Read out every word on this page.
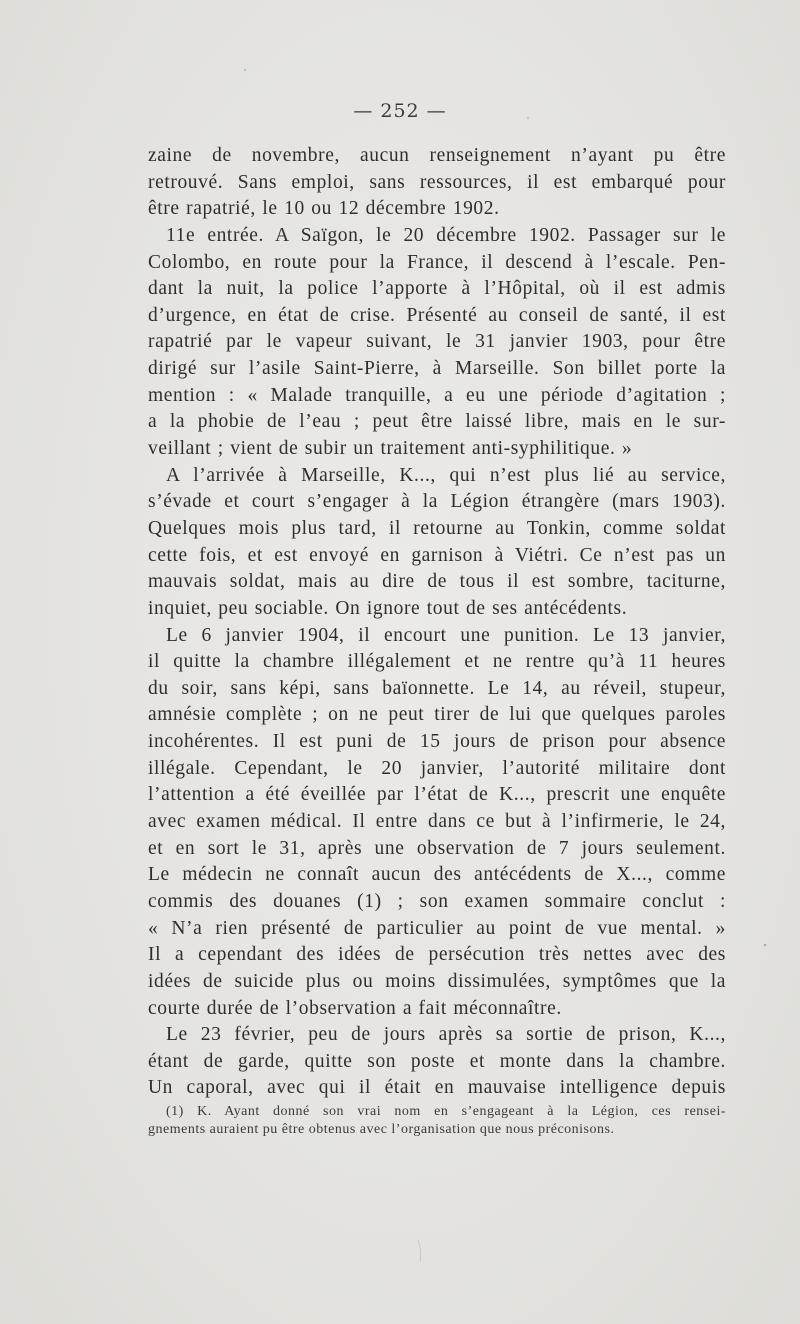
— 252 —
zaine de novembre, aucun renseignement n’ayant pu être
retrouvé. Sans emploi, sans ressources, il est embarqué pour
être rapatrié, le 10 ou 12 décembre 1902.
11e entrée. A Saïgon, le 20 décembre 1902. Passager sur le
Colombo, en route pour la France, il descend à l’escale. Pen-
dant la nuit, la police l’apporte à l’Hôpital, où il est admis
d’urgence, en état de crise. Présenté au conseil de santé, il est
rapatrié par le vapeur suivant, le 31 janvier 1903, pour être
dirigé sur l’asile Saint-Pierre, à Marseille. Son billet porte la
mention : « Malade tranquille, a eu une période d’agitation ;
a la phobie de l’eau ; peut être laissé libre, mais en le sur-
veillant ; vient de subir un traitement anti-syphilitique. »
A l’arrivée à Marseille, K..., qui n’est plus lié au service,
s’évade et court s’engager à la Légion étrangère (mars 1903).
Quelques mois plus tard, il retourne au Tonkin, comme soldat
cette fois, et est envoyé en garnison à Viétri. Ce n’est pas un
mauvais soldat, mais au dire de tous il est sombre, taciturne,
inquiet, peu sociable. On ignore tout de ses antécédents.
Le 6 janvier 1904, il encourt une punition. Le 13 janvier,
il quitte la chambre illégalement et ne rentre qu’à 11 heures
du soir, sans képi, sans baïonnette. Le 14, au réveil, stupeur,
amnésie complète ; on ne peut tirer de lui que quelques paroles
incohérentes. Il est puni de 15 jours de prison pour absence
illégale. Cependant, le 20 janvier, l’autorité militaire dont
l’attention a été éveillée par l’état de K..., prescrit une enquête
avec examen médical. Il entre dans ce but à l’infirmerie, le 24,
et en sort le 31, après une observation de 7 jours seulement.
Le médecin ne connaît aucun des antécédents de X..., comme
commis des douanes (1) ; son examen sommaire conclut :
« N’a rien présenté de particulier au point de vue mental. »
Il a cependant des idées de persécution très nettes avec des
idées de suicide plus ou moins dissimulées, symptômes que la
courte durée de l’observation a fait méconnaître.
Le 23 février, peu de jours après sa sortie de prison, K...,
étant de garde, quitte son poste et monte dans la chambre.
Un caporal, avec qui il était en mauvaise intelligence depuis
(1) K. Ayant donné son vrai nom en s’engageant à la Légion, ces rensei-
gnements auraient pu être obtenus avec l’organisation que nous préconisons.
